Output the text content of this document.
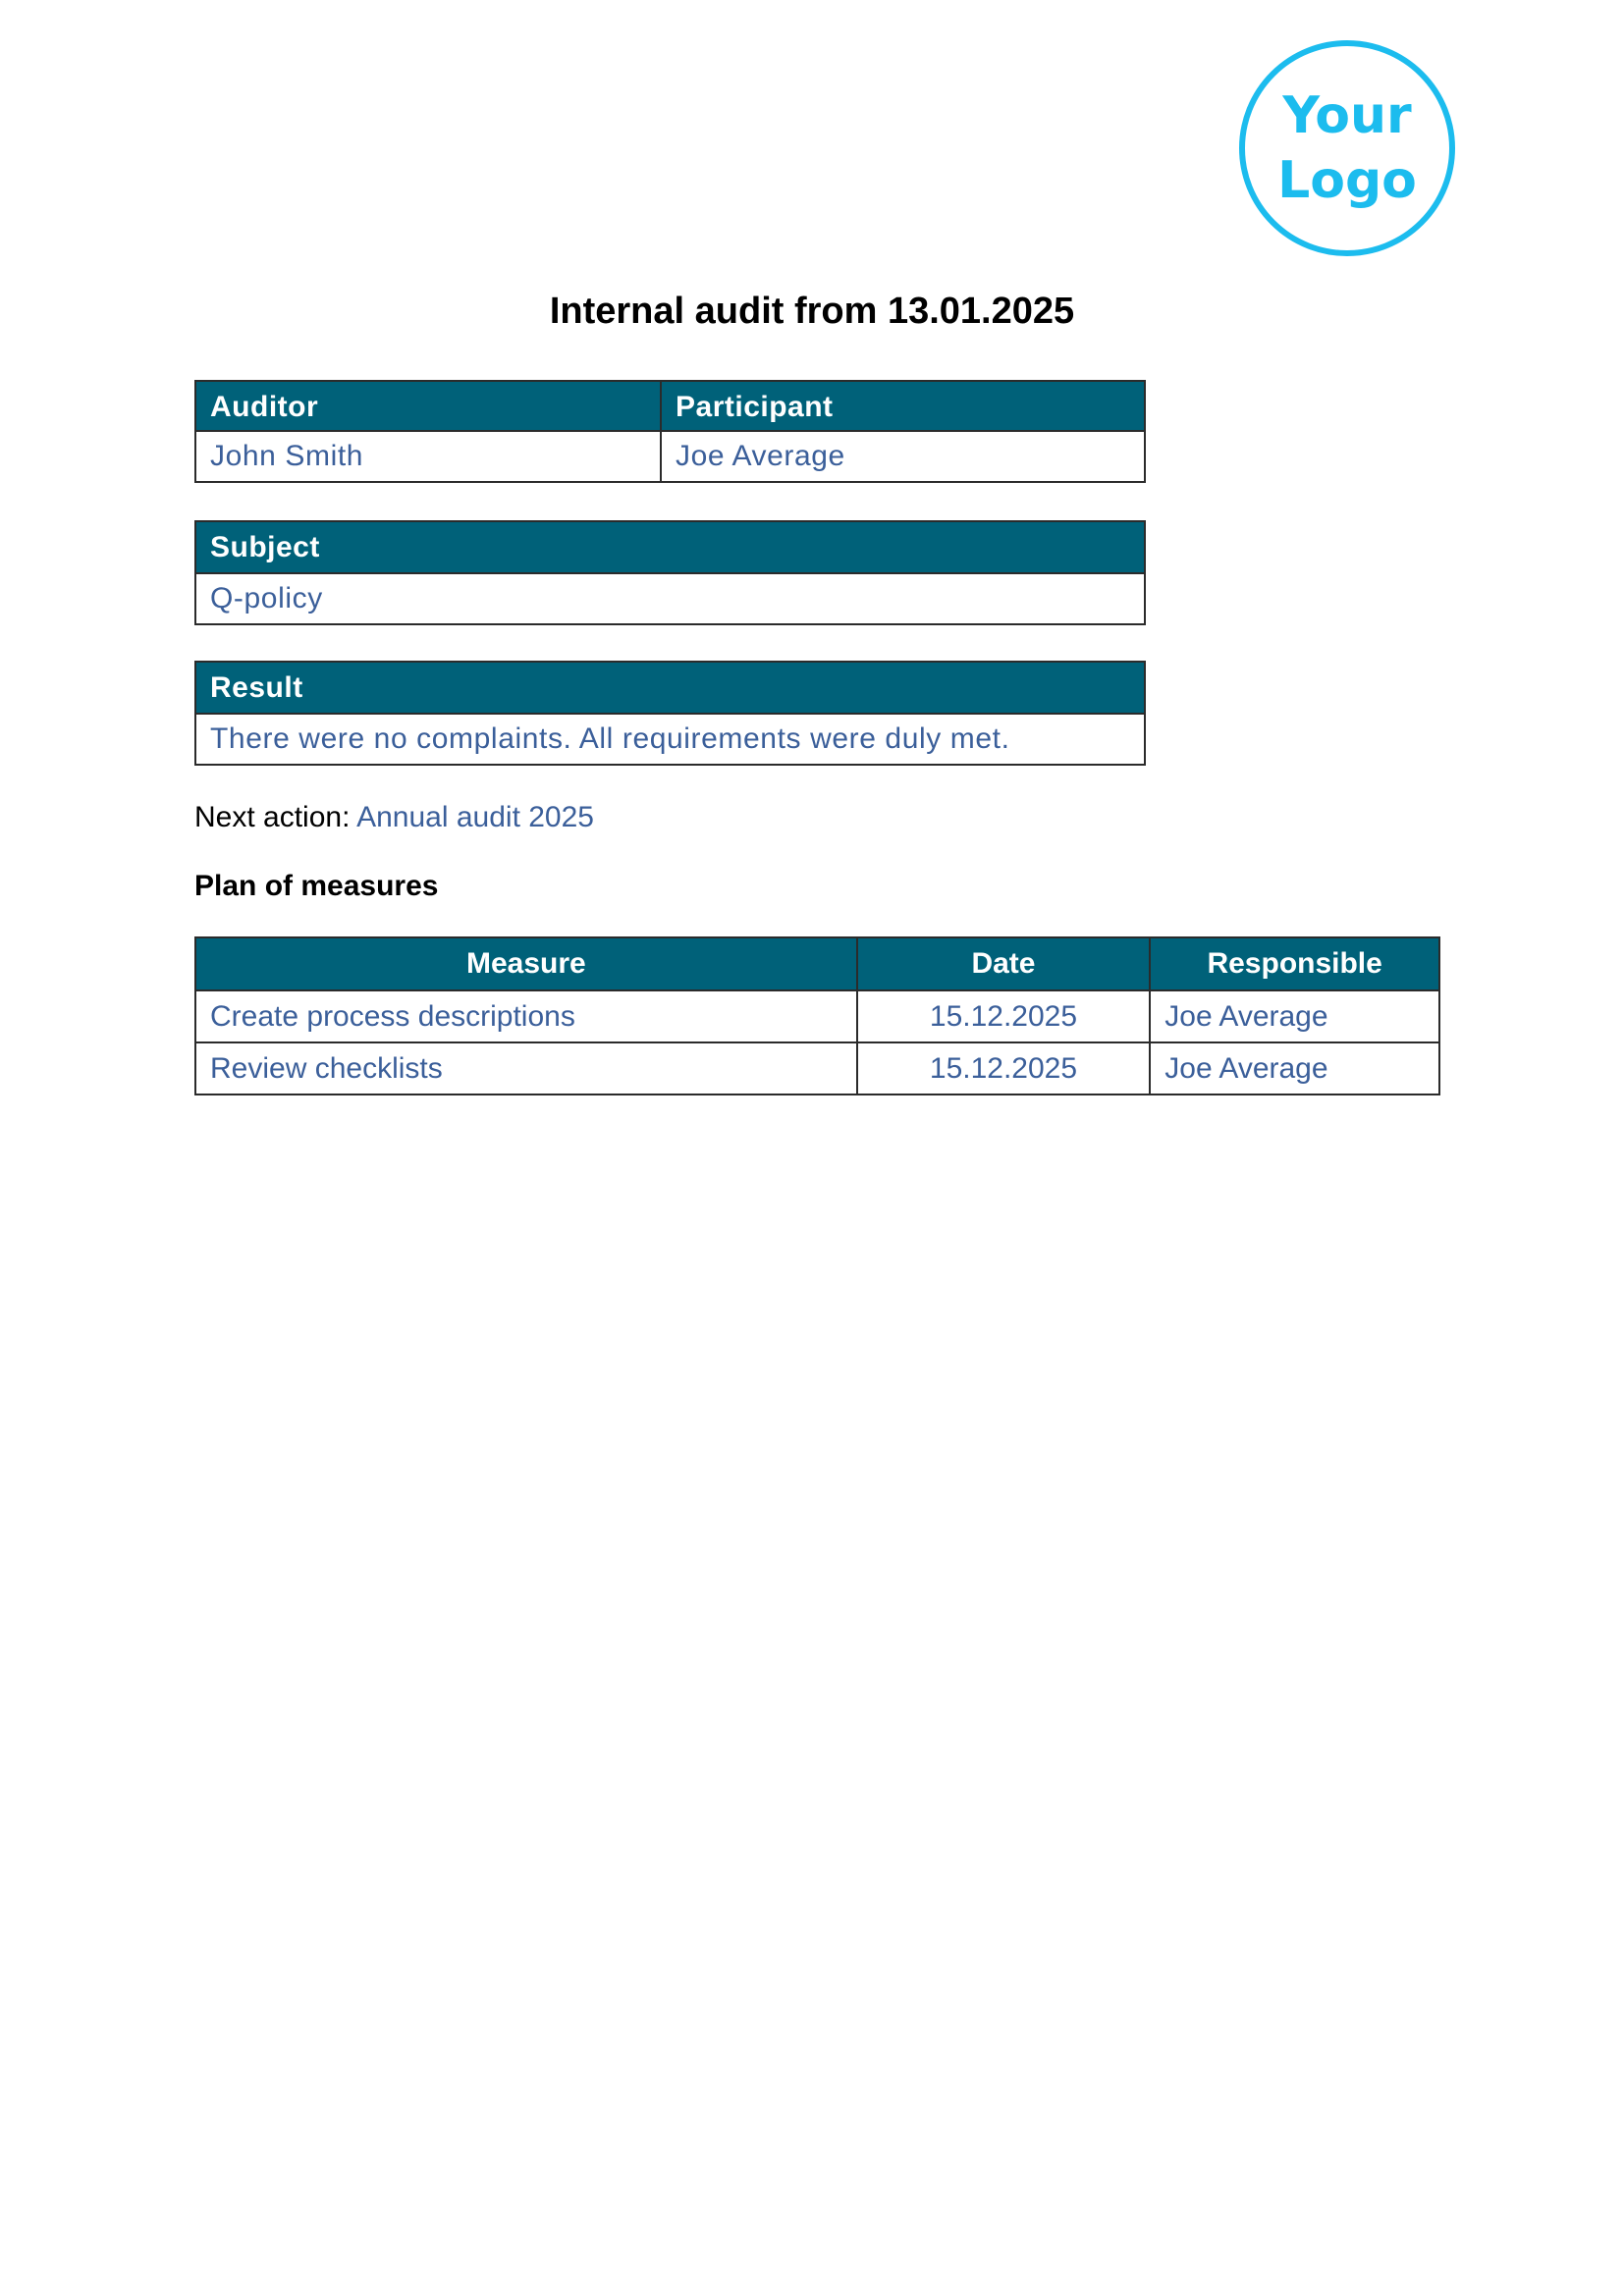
Your
Logo
Internal audit from 13.01.2025
Auditor	Participant
John Smith	Joe Average
Subject
Q-policy
Result
There were no complaints. All requirements were duly met.
Next action: Annual audit 2025
Plan of measures
Measure	Date	Responsible
Create process descriptions	15.12.2025	Joe Average
Review checklists	15.12.2025	Joe Average
